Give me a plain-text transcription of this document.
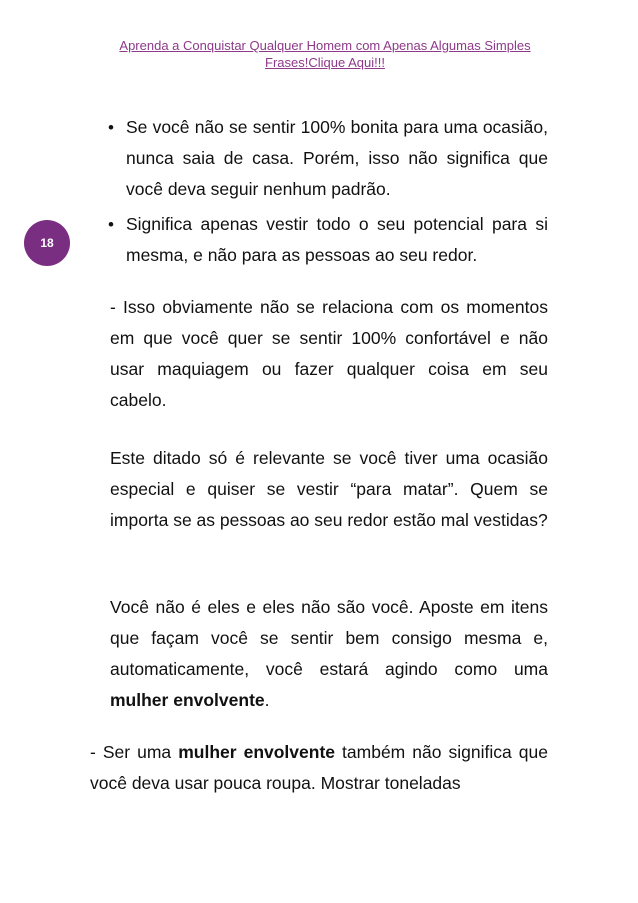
Aprenda a Conquistar Qualquer Homem com Apenas Algumas Simples
Frases!Clique Aqui!!!
18
• Se você não se sentir 100% bonita para uma ocasião, nunca saia de casa. Porém, isso não significa que você deva seguir nenhum padrão.
• Significa apenas vestir todo o seu potencial para si mesma, e não para as pessoas ao seu redor.

- Isso obviamente não se relaciona com os momentos em que você quer se sentir 100% confortável e não usar maquiagem ou fazer qualquer coisa em seu cabelo.

Este ditado só é relevante se você tiver uma ocasião especial e quiser se vestir “para matar”. Quem se importa se as pessoas ao seu redor estão mal vestidas?

Você não é eles e eles não são você. Aposte em itens que façam você se sentir bem consigo mesma e, automaticamente, você estará agindo como uma mulher envolvente.

- Ser uma mulher envolvente também não significa que você deva usar pouca roupa. Mostrar toneladas
